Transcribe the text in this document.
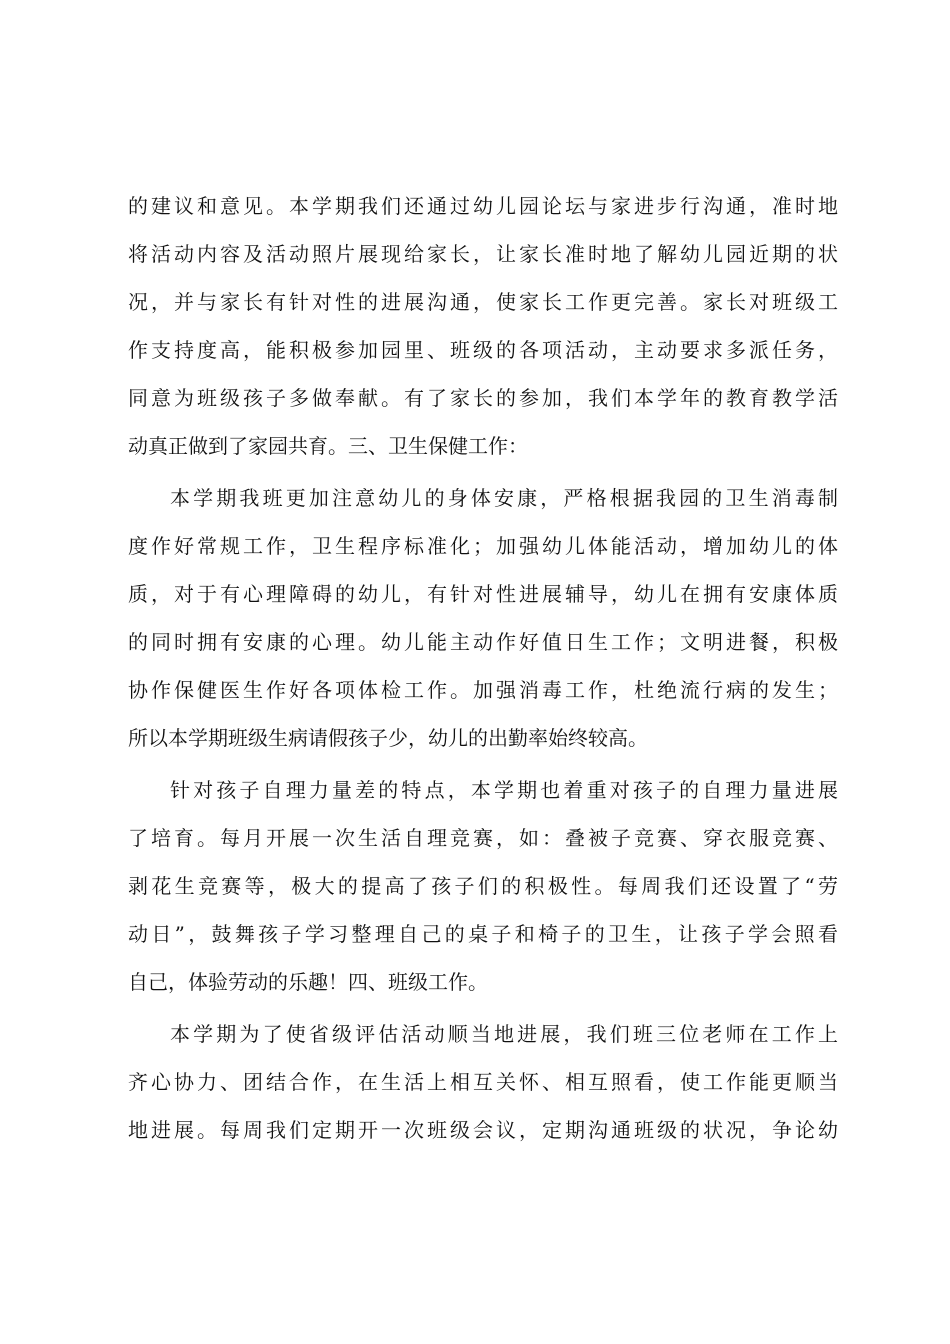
的建议和意见。本学期我们还通过幼儿园论坛与家进步行沟通，准时地
将活动内容及活动照片展现给家长，让家长准时地了解幼儿园近期的状
况，并与家长有针对性的进展沟通，使家长工作更完善。家长对班级工
作支持度高，能积极参加园里、班级的各项活动，主动要求多派任务，
同意为班级孩子多做奉献。有了家长的参加，我们本学年的教育教学活
动真正做到了家园共育。三、卫生保健工作：
本学期我班更加注意幼儿的身体安康，严格根据我园的卫生消毒制
度作好常规工作，卫生程序标准化；加强幼儿体能活动，增加幼儿的体
质，对于有心理障碍的幼儿，有针对性进展辅导，幼儿在拥有安康体质
的同时拥有安康的心理。幼儿能主动作好值日生工作；文明进餐，积极
协作保健医生作好各项体检工作。加强消毒工作，杜绝流行病的发生；
所以本学期班级生病请假孩子少，幼儿的出勤率始终较高。
针对孩子自理力量差的特点，本学期也着重对孩子的自理力量进展
了培育。每月开展一次生活自理竞赛，如：叠被子竞赛、穿衣服竞赛、
剥花生竞赛等，极大的提高了孩子们的积极性。每周我们还设置了“劳
动日”，鼓舞孩子学习整理自己的桌子和椅子的卫生，让孩子学会照看
自己，体验劳动的乐趣！四、班级工作。
本学期为了使省级评估活动顺当地进展，我们班三位老师在工作上
齐心协力、团结合作，在生活上相互关怀、相互照看，使工作能更顺当
地进展。每周我们定期开一次班级会议，定期沟通班级的状况，争论幼
